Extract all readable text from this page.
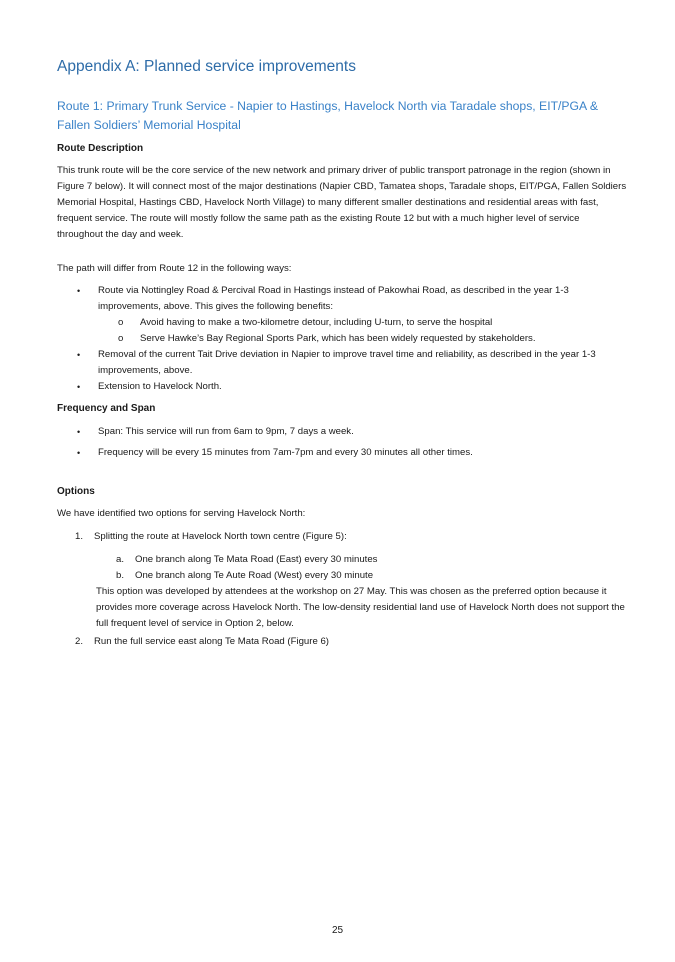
Appendix A: Planned service improvements
Route 1: Primary Trunk Service - Napier to Hastings, Havelock North via Taradale shops, EIT/PGA & Fallen Soldiers’ Memorial Hospital
Route Description
This trunk route will be the core service of the new network and primary driver of public transport patronage in the region (shown in Figure 7 below). It will connect most of the major destinations (Napier CBD, Tamatea shops, Taradale shops, EIT/PGA, Fallen Soldiers Memorial Hospital, Hastings CBD, Havelock North Village) to many different smaller destinations and residential areas with fast, frequent service. The route will mostly follow the same path as the existing Route 12 but with a much higher level of service throughout the day and week.
The path will differ from Route 12 in the following ways:
•	Route via Nottingley Road & Percival Road in Hastings instead of Pakowhai Road, as described in the year 1-3 improvements, above. This gives the following benefits:
o Avoid having to make a two-kilometre detour, including U-turn, to serve the hospital
o Serve Hawke’s Bay Regional Sports Park, which has been widely requested by stakeholders.
•	Removal of the current Tait Drive deviation in Napier to improve travel time and reliability, as described in the year 1-3 improvements, above.
•	Extension to Havelock North.
Frequency and Span
•	Span: This service will run from 6am to 9pm, 7 days a week.
•	Frequency will be every 15 minutes from 7am-7pm and every 30 minutes all other times.
Options
We have identified two options for serving Havelock North:
1. Splitting the route at Havelock North town centre (Figure 5):
a. One branch along Te Mata Road (East) every 30 minutes
b. One branch along Te Aute Road (West) every 30 minute
This option was developed by attendees at the workshop on 27 May. This was chosen as the preferred option because it provides more coverage across Havelock North. The low-density residential land use of Havelock North does not support the full frequent level of service in Option 2, below.
2. Run the full service east along Te Mata Road (Figure 6)
25
